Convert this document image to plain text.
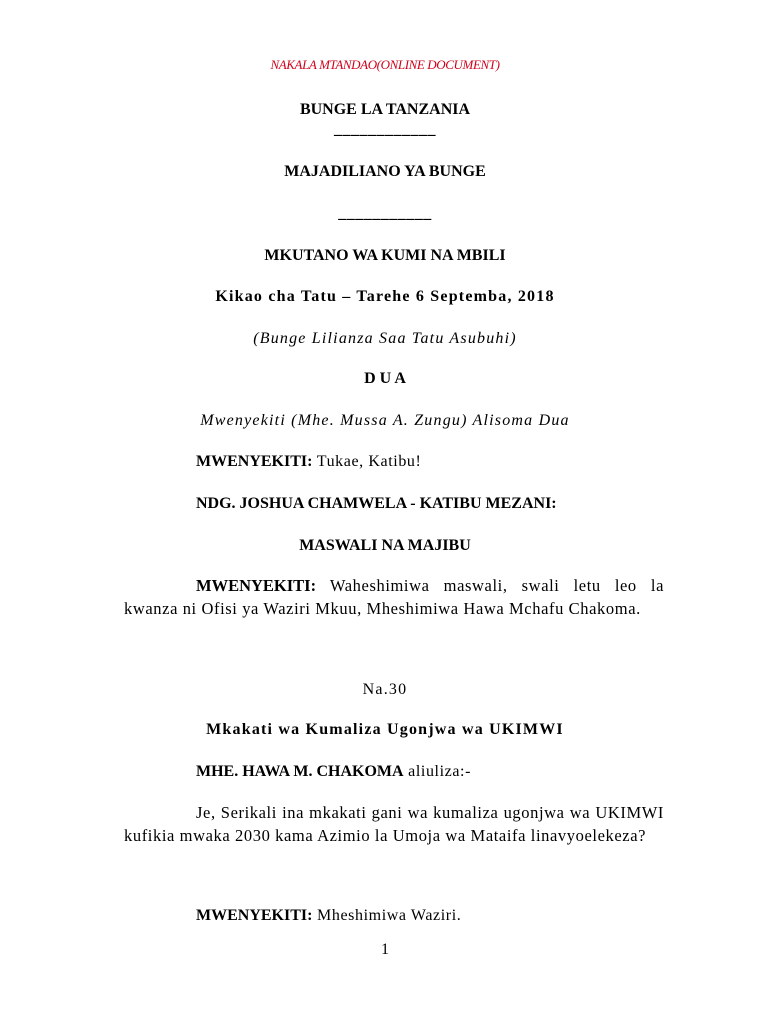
NAKALA MTANDAO(ONLINE DOCUMENT)
BUNGE LA TANZANIA
____________
MAJADILIANO YA BUNGE
___________
MKUTANO WA KUMI NA MBILI
Kikao cha Tatu – Tarehe 6 Septemba, 2018
(Bunge Lilianza Saa Tatu Asubuhi)
D U A
Mwenyekiti (Mhe. Mussa A. Zungu) Alisoma Dua
MWENYEKITI: Tukae, Katibu!
NDG. JOSHUA CHAMWELA - KATIBU MEZANI:
MASWALI NA MAJIBU
MWENYEKITI: Waheshimiwa maswali, swali letu leo la kwanza ni Ofisi ya Waziri Mkuu, Mheshimiwa Hawa Mchafu Chakoma.
Na.30
Mkakati wa Kumaliza Ugonjwa wa UKIMWI
MHE. HAWA M. CHAKOMA aliuliza:-
Je, Serikali ina mkakati gani wa kumaliza ugonjwa wa UKIMWI kufikia mwaka 2030 kama Azimio la Umoja wa Mataifa linavyoelekeza?
MWENYEKITI: Mheshimiwa Waziri.
1
